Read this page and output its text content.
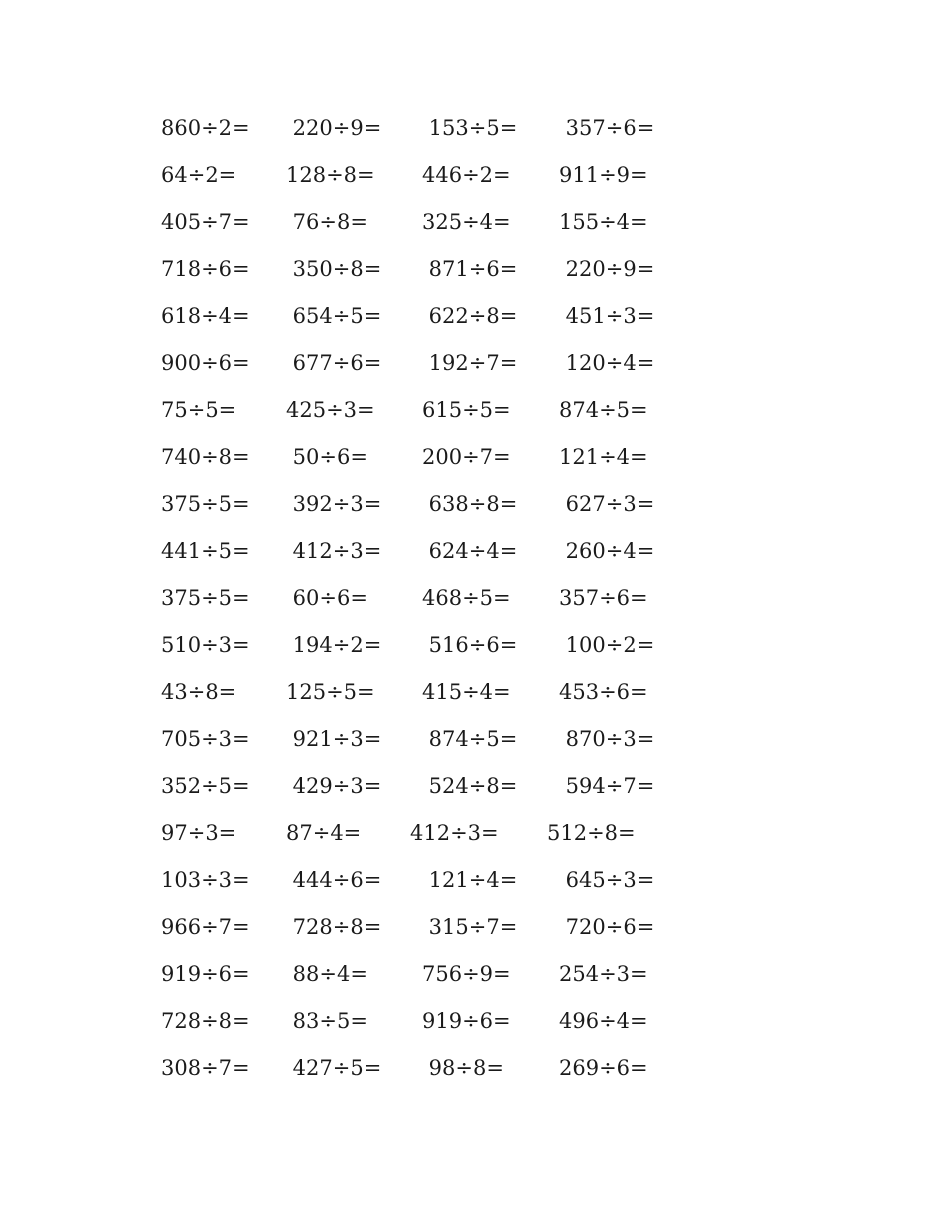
860÷2= 220÷9= 153÷5= 357÷6=
64÷2= 128÷8= 446÷2= 911÷9=
405÷7= 76÷8=	325÷4= 155÷4=
718÷6= 350÷8= 871÷6= 220÷9=
618÷4= 654÷5= 622÷8= 451÷3=
900÷6= 677÷6= 192÷7= 120÷4=
75÷5= 425÷3= 615÷5= 874÷5=
740÷8= 50÷6=	200÷7= 121÷4=
375÷5= 392÷3= 638÷8= 627÷3=
441÷5= 412÷3= 624÷4= 260÷4=
375÷5= 60÷6=	468÷5= 357÷6=
510÷3= 194÷2= 516÷6= 100÷2=
43÷8= 125÷5= 415÷4= 453÷6=
705÷3= 921÷3= 874÷5= 870÷3=
352÷5= 429÷3= 524÷8= 594÷7=
97÷3= 87÷4= 412÷3= 512÷8=
103÷3= 444÷6= 121÷4= 645÷3=
966÷7= 728÷8= 315÷7= 720÷6=
919÷6= 88÷4=	756÷9= 254÷3=
728÷8= 83÷5=	919÷6= 496÷4=
308÷7= 427÷5= 98÷8=	269÷6=
